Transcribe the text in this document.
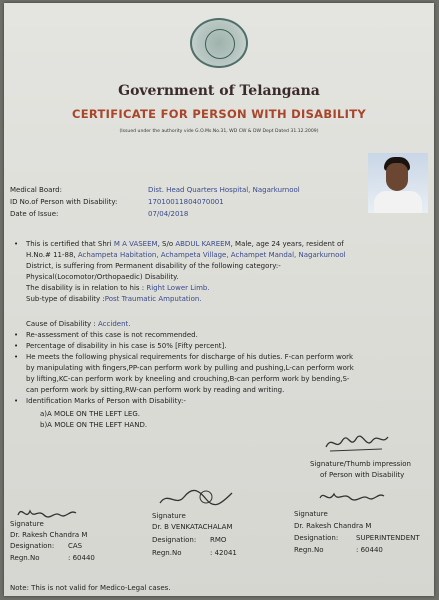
Government of Telangana
CERTIFICATE FOR PERSON WITH DISABILITY
(Issued under the authority vide G.O.Ms.No.31, WD CW & DW Dept Dated 31.12.2009)
Medical Board:	Dist. Head Quarters Hospital, Nagarkurnool
ID No.of Person with Disability:	17010011804070001
Date of Issue:	07/04/2018
• This is certified that Shri M A VASEEM, S/o ABDUL KAREEM, Male, age 24 years, resident of
H.No.# 11-88, Achampeta Habitation, Achampeta Village, Achampet Mandal, Nagarkurnool
District, is suffering from Permanent disability of the following category:-
Physical(Locomotor/Orthopaedic) Disability.
The disability is in relation to his : Right Lower Limb.
Sub-type of disability :Post Traumatic Amputation.
Cause of Disability : Accident.
• Re-assessment of this case is not recommended.
• Percentage of disability in his case is 50% [Fifty percent].
• He meets the following physical requirements for discharge of his duties. F-can perform work
by manipulating with fingers,PP-can perform work by pulling and pushing,L-can perform work
by lifting,KC-can perform work by kneeling and crouching,B-can perform work by bending,S-
can perform work by sitting,RW-can perform work by reading and writing.
• Identification Marks of Person with Disability:-
a)A MOLE ON THE LEFT LEG.
b)A MOLE ON THE LEFT HAND.
Signature/Thumb impression
of Person with Disability
Signature
Dr. Rakesh Chandra M
Designation: CAS
Regn.No	: 60440
Signature
Dr. B VENKATACHALAM
Designation: RMO
Regn.No	: 42041
Signature
Dr. Rakesh Chandra M
Designation:	SUPERINTENDENT
Regn.No	: 60440
Note: This is not valid for Medico-Legal cases.
